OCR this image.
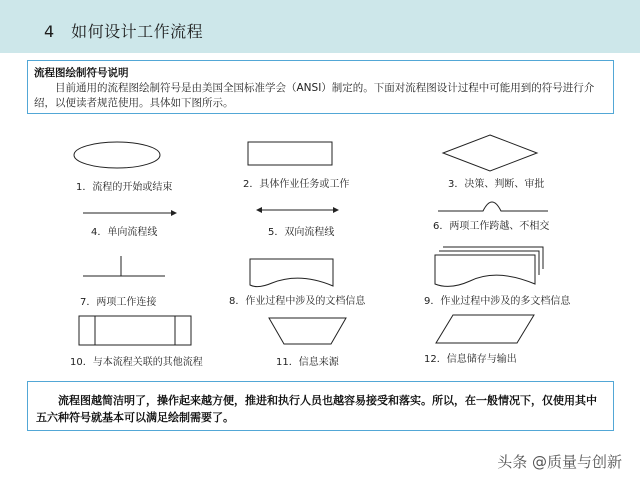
4　如何设计工作流程
流程图绘制符号说明
目前通用的流程图绘制符号是由美国全国标准学会（ANSI）制定的。下面对流程图设计过程中可能用到的符号进行介绍，以便读者规范使用。具体如下图所示。
1．流程的开始或结束	2．具体作业任务或工作	3．决策、判断、审批
4．单向流程线	5．双向流程线
6．两项工作跨越、不相交
7．两项工作连接	8．作业过程中涉及的文档信息	9．作业过程中涉及的多文档信息
10．与本流程关联的其他流程	11．信息来源	12．信息储存与输出
流程图越简洁明了，操作起来越方便，推进和执行人员也越容易接受和落实。所以，在一般情况下，仅使用其中五六种符号就基本可以满足绘制需要了。
头条 @质量与创新
